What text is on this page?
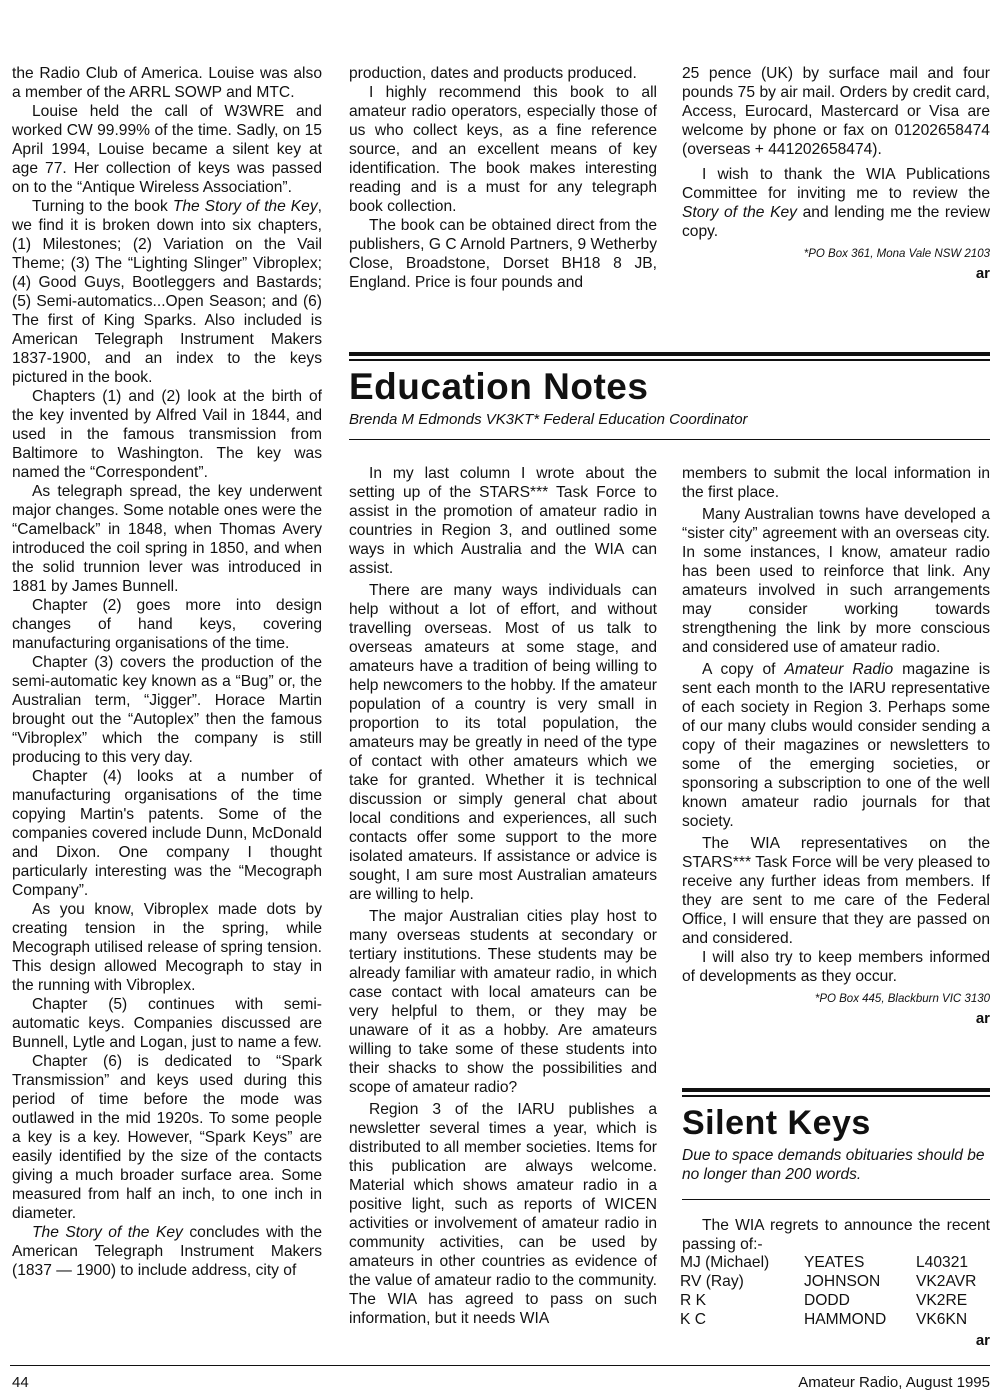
the Radio Club of America. Louise was also a member of the ARRL SOWP and MTC.

Louise held the call of W3WRE and worked CW 99.99% of the time. Sadly, on 15 April 1994, Louise became a silent key at age 77. Her collection of keys was passed on to the “Antique Wireless Association”.

Turning to the book The Story of the Key, we find it is broken down into six chapters, (1) Milestones; (2) Variation on the Vail Theme; (3) The “Lighting Slinger” Vibroplex; (4) Good Guys, Bootleggers and Bastards; (5) Semi-automatics...Open Season; and (6) The first of King Sparks. Also included is American Telegraph Instrument Makers 1837-1900, and an index to the keys pictured in the book.

Chapters (1) and (2) look at the birth of the key invented by Alfred Vail in 1844, and used in the famous transmission from Baltimore to Washington. The key was named the “Correspondent”.

As telegraph spread, the key underwent major changes. Some notable ones were the “Camelback” in 1848, when Thomas Avery introduced the coil spring in 1850, and when the solid trunnion lever was introduced in 1881 by James Bunnell.

Chapter (2) goes more into design changes of hand keys, covering manufacturing organisations of the time.

Chapter (3) covers the production of the semi-automatic key known as a “Bug” or, the Australian term, “Jigger”. Horace Martin brought out the “Autoplex” then the famous “Vibroplex” which the company is still producing to this very day.

Chapter (4) looks at a number of manufacturing organisations of the time copying Martin's patents. Some of the companies covered include Dunn, McDonald and Dixon. One company I thought particularly interesting was the “Mecograph Company”.

As you know, Vibroplex made dots by creating tension in the spring, while Mecograph utilised release of spring tension. This design allowed Mecograph to stay in the running with Vibroplex.

Chapter (5) continues with semi-automatic keys. Companies discussed are Bunnell, Lytle and Logan, just to name a few.

Chapter (6) is dedicated to “Spark Transmission” and keys used during this period of time before the mode was outlawed in the mid 1920s. To some people a key is a key. However, “Spark Keys” are easily identified by the size of the contacts giving a much broader surface area. Some measured from half an inch, to one inch in diameter.

The Story of the Key concludes with the American Telegraph Instrument Makers (1837 — 1900) to include address, city of

production, dates and products produced.

I highly recommend this book to all amateur radio operators, especially those of us who collect keys, as a fine reference source, and an excellent means of key identification. The book makes interesting reading and is a must for any telegraph book collection.

The book can be obtained direct from the publishers, G C Arnold Partners, 9 Wetherby Close, Broadstone, Dorset BH18 8 JB, England. Price is four pounds and

25 pence (UK) by surface mail and four pounds 75 by air mail. Orders by credit card, Access, Eurocard, Mastercard or Visa are welcome by phone or fax on 01202658474 (overseas + 441202658474).

I wish to thank the WIA Publications Committee for inviting me to review the Story of the Key and lending me the review copy.

*PO Box 361, Mona Vale NSW 2103

ar

Education Notes
Brenda M Edmonds VK3KT* Federal Education Coordinator

In my last column I wrote about the setting up of the STARS*** Task Force to assist in the promotion of amateur radio in countries in Region 3, and outlined some ways in which Australia and the WIA can assist.

There are many ways individuals can help without a lot of effort, and without travelling overseas. Most of us talk to overseas amateurs at some stage, and amateurs have a tradition of being willing to help newcomers to the hobby. If the amateur population of a country is very small in proportion to its total population, the amateurs may be greatly in need of the type of contact with other amateurs which we take for granted. Whether it is technical discussion or simply general chat about local conditions and experiences, all such contacts offer some support to the more isolated amateurs. If assistance or advice is sought, I am sure most Australian amateurs are willing to help.

The major Australian cities play host to many overseas students at secondary or tertiary institutions. These students may be already familiar with amateur radio, in which case contact with local amateurs can be very helpful to them, or they may be unaware of it as a hobby. Are amateurs willing to take some of these students into their shacks to show the possibilities and scope of amateur radio?

Region 3 of the IARU publishes a newsletter several times a year, which is distributed to all member societies. Items for this publication are always welcome. Material which shows amateur radio in a positive light, such as reports of WICEN activities or involvement of amateur radio in community activities, can be used by amateurs in other countries as evidence of the value of amateur radio to the community. The WIA has agreed to pass on such information, but it needs WIA

members to submit the local information in the first place.

Many Australian towns have developed a “sister city” agreement with an overseas city. In some instances, I know, amateur radio has been used to reinforce that link. Any amateurs involved in such arrangements may consider working towards strengthening the link by more conscious and considered use of amateur radio.

A copy of Amateur Radio magazine is sent each month to the IARU representative of each society in Region 3. Perhaps some of our many clubs would consider sending a copy of their magazines or newsletters to some of the emerging societies, or sponsoring a subscription to one of the well known amateur radio journals for that society.

The WIA representatives on the STARS*** Task Force will be very pleased to receive any further ideas from members. If they are sent to me care of the Federal Office, I will ensure that they are passed on and considered.

I will also try to keep members informed of developments as they occur.

*PO Box 445, Blackburn VIC 3130

ar

Silent Keys
Due to space demands obituaries should be no longer than 200 words.

The WIA regrets to announce the recent passing of:-

MJ (Michael)	YEATES	L40321
RV (Ray)	JOHNSON	VK2AVR
R K	DODD	VK2RE
K C	HAMMOND	VK6KN
ar
44	Amateur Radio, August 1995
